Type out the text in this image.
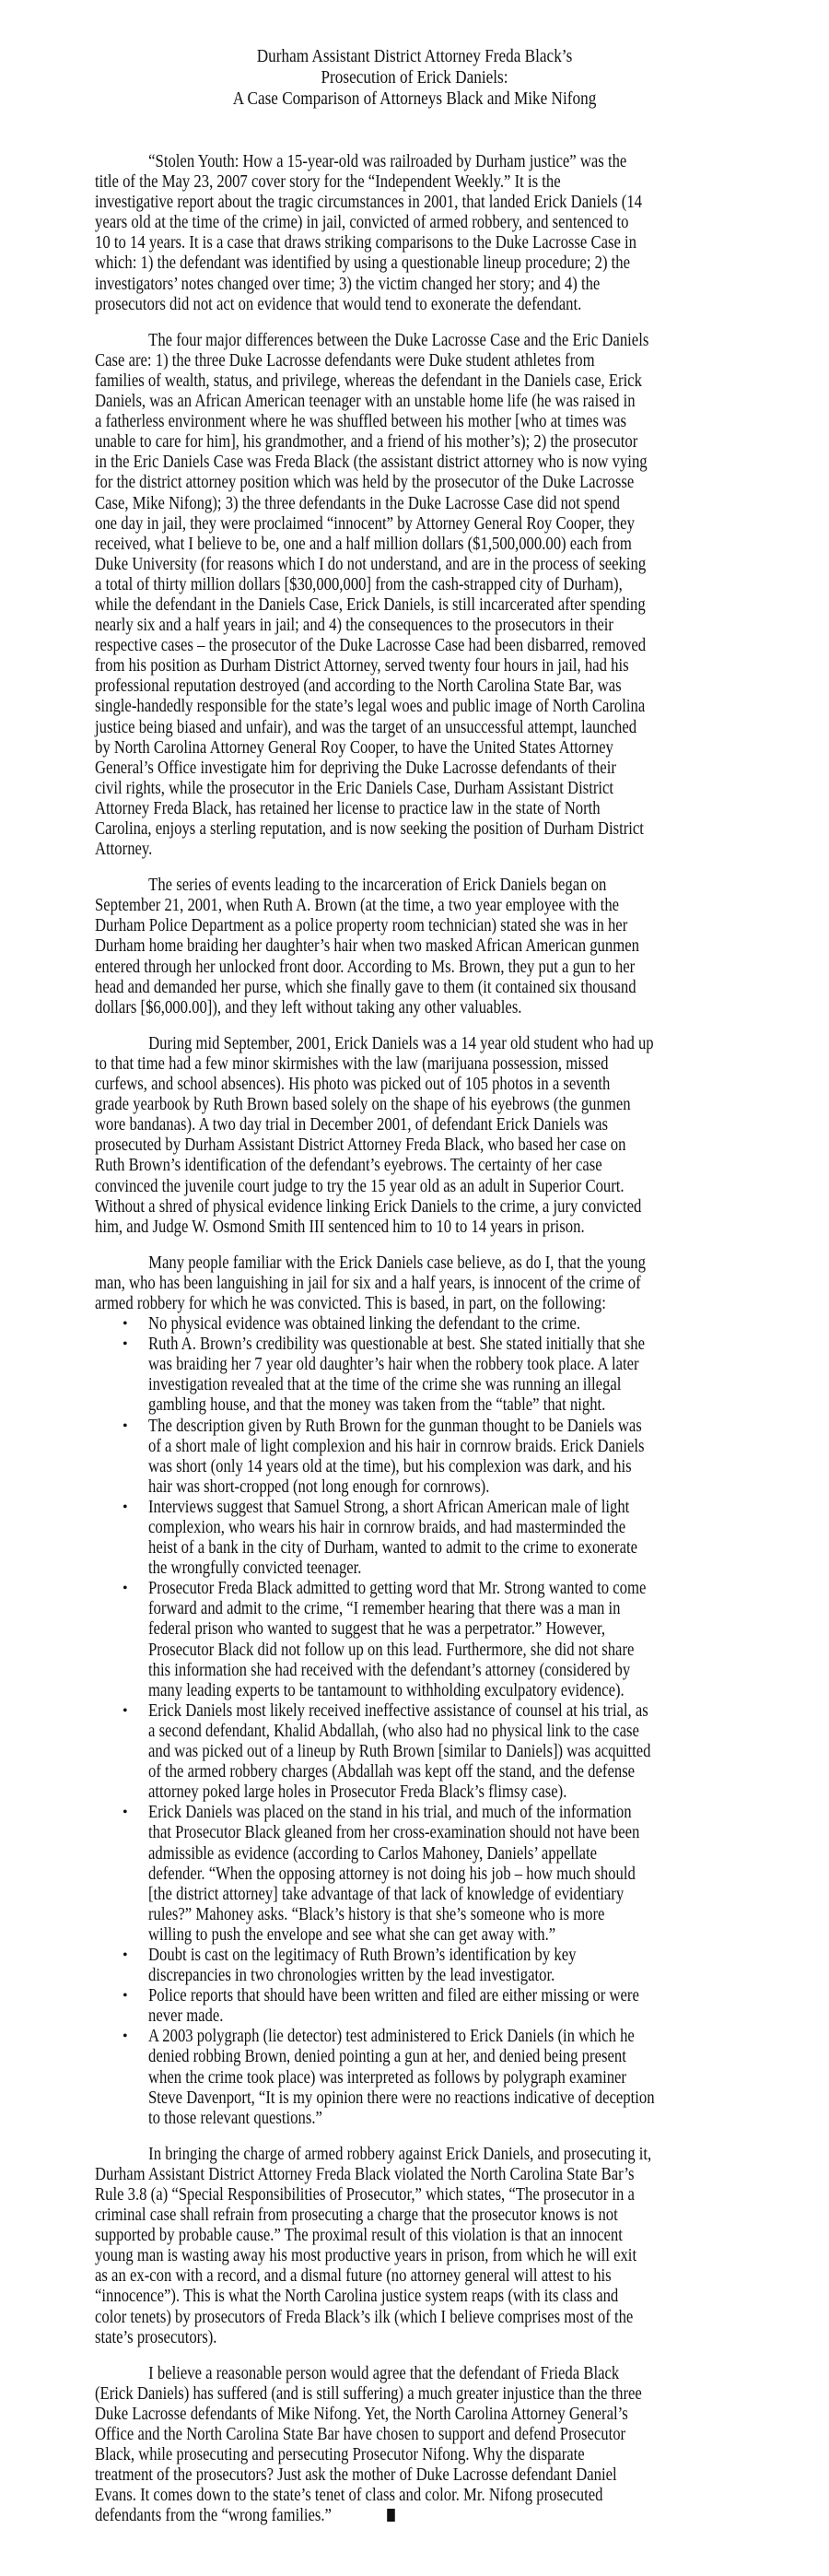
Durham Assistant District Attorney Freda Black’s
Prosecution of Erick Daniels:
A Case Comparison of Attorneys Black and Mike Nifong
“Stolen Youth: How a 15-year-old was railroaded by Durham justice” was the
title of the May 23, 2007 cover story for the “Independent Weekly.” It is the
investigative report about the tragic circumstances in 2001, that landed Erick Daniels (14
years old at the time of the crime) in jail, convicted of armed robbery, and sentenced to
10 to 14 years. It is a case that draws striking comparisons to the Duke Lacrosse Case in
which: 1) the defendant was identified by using a questionable lineup procedure; 2) the
investigators’ notes changed over time; 3) the victim changed her story; and 4) the
prosecutors did not act on evidence that would tend to exonerate the defendant.
The four major differences between the Duke Lacrosse Case and the Eric Daniels
Case are: 1) the three Duke Lacrosse defendants were Duke student athletes from
families of wealth, status, and privilege, whereas the defendant in the Daniels case, Erick
Daniels, was an African American teenager with an unstable home life (he was raised in
a fatherless environment where he was shuffled between his mother [who at times was
unable to care for him], his grandmother, and a friend of his mother’s); 2) the prosecutor
in the Eric Daniels Case was Freda Black (the assistant district attorney who is now vying
for the district attorney position which was held by the prosecutor of the Duke Lacrosse
Case, Mike Nifong); 3) the three defendants in the Duke Lacrosse Case did not spend
one day in jail, they were proclaimed “innocent” by Attorney General Roy Cooper, they
received, what I believe to be, one and a half million dollars ($1,500,000.00) each from
Duke University (for reasons which I do not understand, and are in the process of seeking
a total of thirty million dollars [$30,000,000] from the cash-strapped city of Durham),
while the defendant in the Daniels Case, Erick Daniels, is still incarcerated after spending
nearly six and a half years in jail; and 4) the consequences to the prosecutors in their
respective cases – the prosecutor of the Duke Lacrosse Case had been disbarred, removed
from his position as Durham District Attorney, served twenty four hours in jail, had his
professional reputation destroyed (and according to the North Carolina State Bar, was
single-handedly responsible for the state’s legal woes and public image of North Carolina
justice being biased and unfair), and was the target of an unsuccessful attempt, launched
by North Carolina Attorney General Roy Cooper, to have the United States Attorney
General’s Office investigate him for depriving the Duke Lacrosse defendants of their
civil rights, while the prosecutor in the Eric Daniels Case, Durham Assistant District
Attorney Freda Black, has retained her license to practice law in the state of North
Carolina, enjoys a sterling reputation, and is now seeking the position of Durham District
Attorney.
The series of events leading to the incarceration of Erick Daniels began on
September 21, 2001, when Ruth A. Brown (at the time, a two year employee with the
Durham Police Department as a police property room technician) stated she was in her
Durham home braiding her daughter’s hair when two masked African American gunmen
entered through her unlocked front door. According to Ms. Brown, they put a gun to her
head and demanded her purse, which she finally gave to them (it contained six thousand
dollars [$6,000.00]), and they left without taking any other valuables.
During mid September, 2001, Erick Daniels was a 14 year old student who had up
to that time had a few minor skirmishes with the law (marijuana possession, missed
curfews, and school absences). His photo was picked out of 105 photos in a seventh
grade yearbook by Ruth Brown based solely on the shape of his eyebrows (the gunmen
wore bandanas). A two day trial in December 2001, of defendant Erick Daniels was
prosecuted by Durham Assistant District Attorney Freda Black, who based her case on
Ruth Brown’s identification of the defendant’s eyebrows. The certainty of her case
convinced the juvenile court judge to try the 15 year old as an adult in Superior Court.
Without a shred of physical evidence linking Erick Daniels to the crime, a jury convicted
him, and Judge W. Osmond Smith III sentenced him to 10 to 14 years in prison.
Many people familiar with the Erick Daniels case believe, as do I, that the young
man, who has been languishing in jail for six and a half years, is innocent of the crime of
armed robbery for which he was convicted. This is based, in part, on the following:
• No physical evidence was obtained linking the defendant to the crime.
• Ruth A. Brown’s credibility was questionable at best. She stated initially that she
was braiding her 7 year old daughter’s hair when the robbery took place. A later
investigation revealed that at the time of the crime she was running an illegal
gambling house, and that the money was taken from the “table” that night.
• The description given by Ruth Brown for the gunman thought to be Daniels was
of a short male of light complexion and his hair in cornrow braids. Erick Daniels
was short (only 14 years old at the time), but his complexion was dark, and his
hair was short-cropped (not long enough for cornrows).
• Interviews suggest that Samuel Strong, a short African American male of light
complexion, who wears his hair in cornrow braids, and had masterminded the
heist of a bank in the city of Durham, wanted to admit to the crime to exonerate
the wrongfully convicted teenager.
• Prosecutor Freda Black admitted to getting word that Mr. Strong wanted to come
forward and admit to the crime, “I remember hearing that there was a man in
federal prison who wanted to suggest that he was a perpetrator.” However,
Prosecutor Black did not follow up on this lead. Furthermore, she did not share
this information she had received with the defendant’s attorney (considered by
many leading experts to be tantamount to withholding exculpatory evidence).
• Erick Daniels most likely received ineffective assistance of counsel at his trial, as
a second defendant, Khalid Abdallah, (who also had no physical link to the case
and was picked out of a lineup by Ruth Brown [similar to Daniels]) was acquitted
of the armed robbery charges (Abdallah was kept off the stand, and the defense
attorney poked large holes in Prosecutor Freda Black’s flimsy case).
• Erick Daniels was placed on the stand in his trial, and much of the information
that Prosecutor Black gleaned from her cross-examination should not have been
admissible as evidence (according to Carlos Mahoney, Daniels’ appellate
defender. “When the opposing attorney is not doing his job – how much should
[the district attorney] take advantage of that lack of knowledge of evidentiary
rules?” Mahoney asks. “Black’s history is that she’s someone who is more
willing to push the envelope and see what she can get away with.”
• Doubt is cast on the legitimacy of Ruth Brown’s identification by key
discrepancies in two chronologies written by the lead investigator.
• Police reports that should have been written and filed are either missing or were
never made.
• A 2003 polygraph (lie detector) test administered to Erick Daniels (in which he
denied robbing Brown, denied pointing a gun at her, and denied being present
when the crime took place) was interpreted as follows by polygraph examiner
Steve Davenport, “It is my opinion there were no reactions indicative of deception
to those relevant questions.”
In bringing the charge of armed robbery against Erick Daniels, and prosecuting it,
Durham Assistant District Attorney Freda Black violated the North Carolina State Bar’s
Rule 3.8 (a) “Special Responsibilities of Prosecutor,” which states, “The prosecutor in a
criminal case shall refrain from prosecuting a charge that the prosecutor knows is not
supported by probable cause.” The proximal result of this violation is that an innocent
young man is wasting away his most productive years in prison, from which he will exit
as an ex-con with a record, and a dismal future (no attorney general will attest to his
“innocence”). This is what the North Carolina justice system reaps (with its class and
color tenets) by prosecutors of Freda Black’s ilk (which I believe comprises most of the
state’s prosecutors).
I believe a reasonable person would agree that the defendant of Frieda Black
(Erick Daniels) has suffered (and is still suffering) a much greater injustice than the three
Duke Lacrosse defendants of Mike Nifong. Yet, the North Carolina Attorney General’s
Office and the North Carolina State Bar have chosen to support and defend Prosecutor
Black, while prosecuting and persecuting Prosecutor Nifong. Why the disparate
treatment of the prosecutors? Just ask the mother of Duke Lacrosse defendant Daniel
Evans. It comes down to the state’s tenet of class and color. Mr. Nifong prosecuted
defendants from the “wrong families.”
